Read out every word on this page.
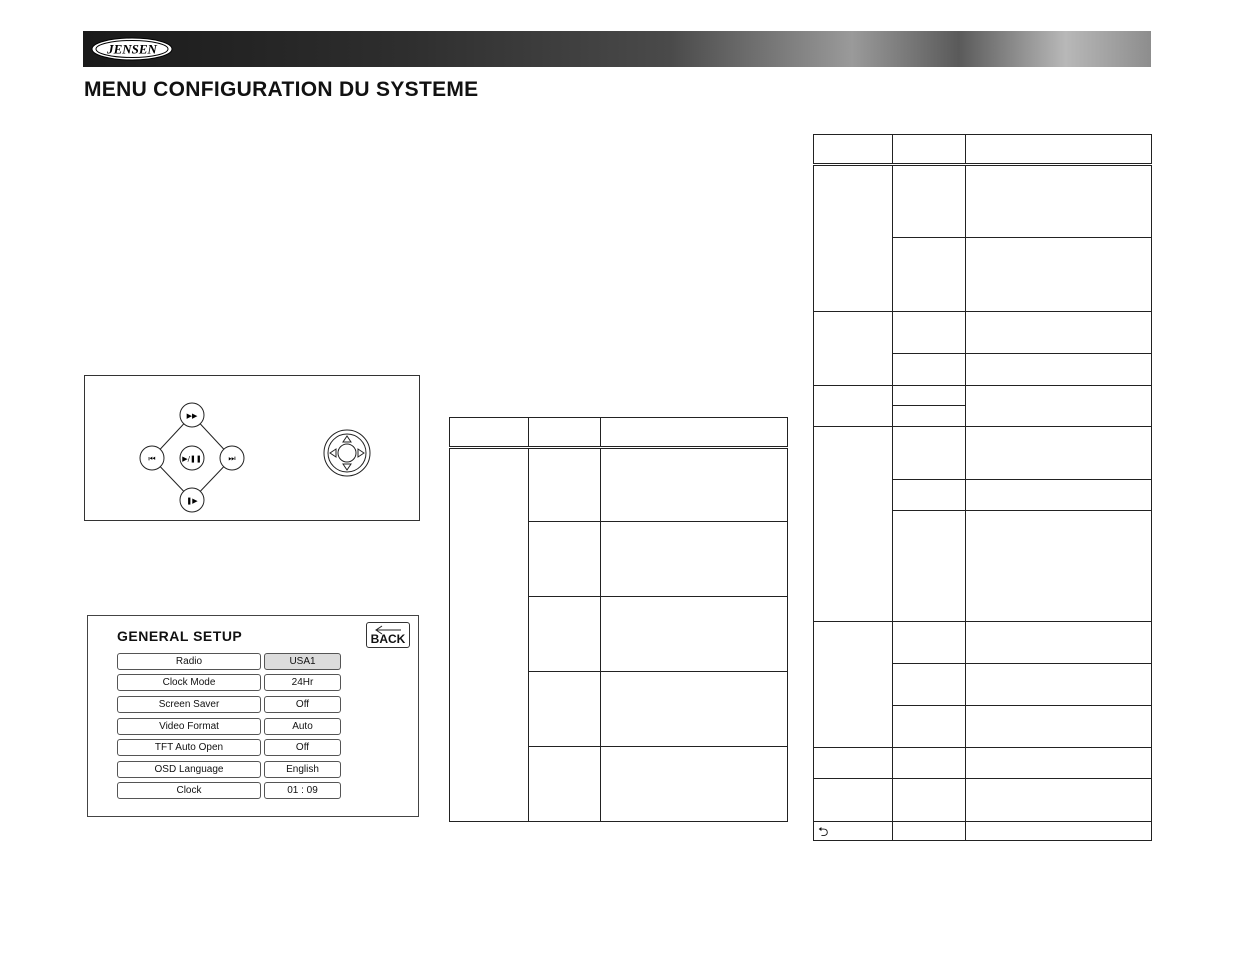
JENSEN
MENU CONFIGURATION DU SYSTEME
▶▶
⏮	▶/❚❚	⏭
❚▶
GENERAL SETUP	BACK
Radio	USA1
Clock Mode	24Hr
Screen Saver	Off
Video Format	Auto
TFT Auto Open	Off
OSD Language	English
Clock	01 : 09

⮌		
